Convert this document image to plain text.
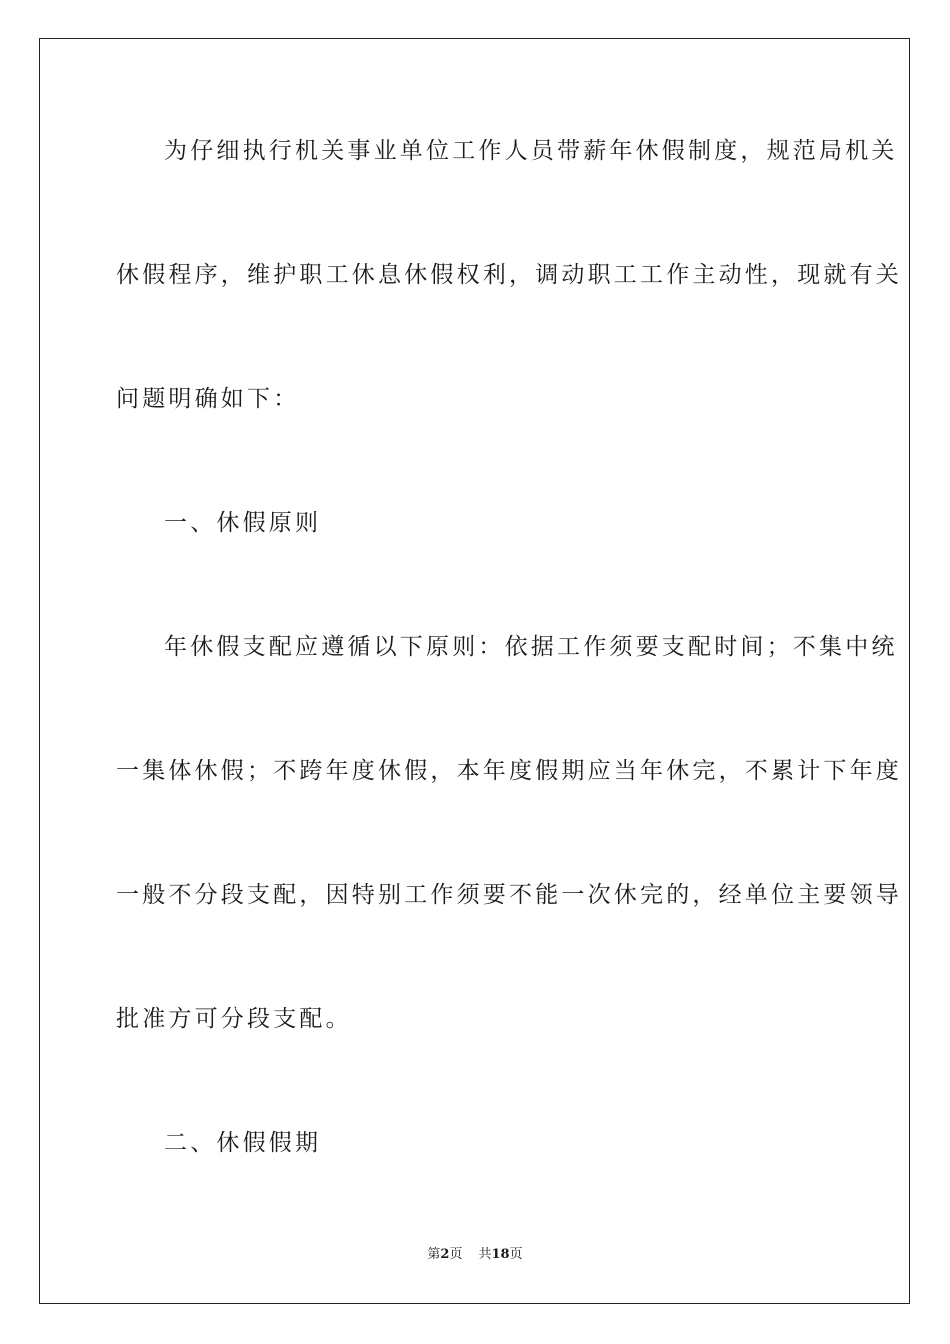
为仔细执行机关事业单位工作人员带薪年休假制度，规范局机关
休假程序，维护职工休息休假权利，调动职工工作主动性，现就有关
问题明确如下：
一、休假原则
年休假支配应遵循以下原则：依据工作须要支配时间；不集中统
一集体休假；不跨年度休假，本年度假期应当年休完，不累计下年度
一般不分段支配，因特别工作须要不能一次休完的，经单位主要领导
批准方可分段支配。
二、休假假期
第2页 共18页
